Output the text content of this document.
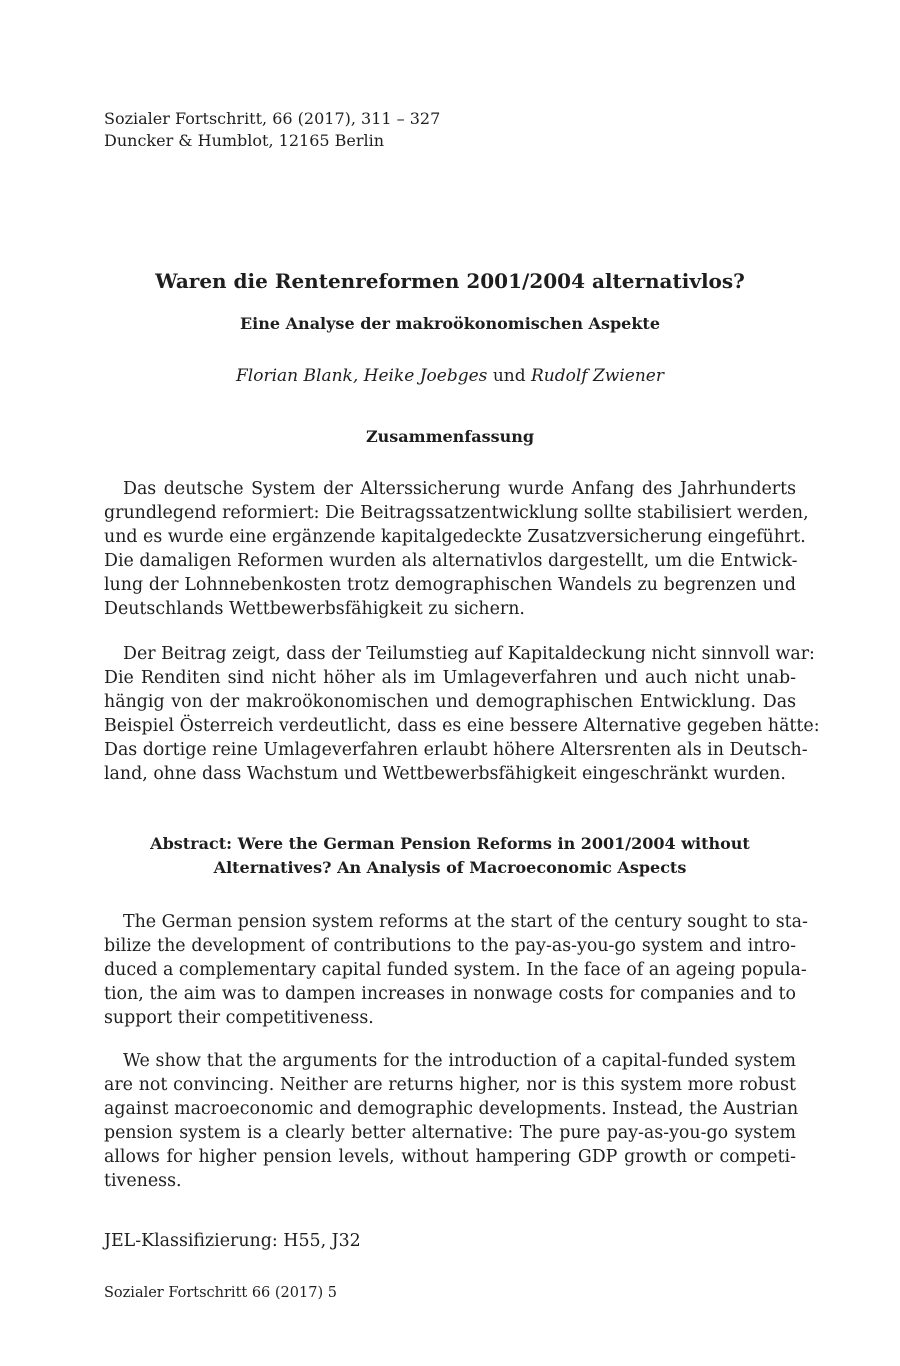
Sozialer Fortschritt, 66 (2017), 311 – 327
Duncker & Humblot, 12165 Berlin
Waren die Rentenreformen 2001/2004 alternativlos?
Eine Analyse der makroökonomischen Aspekte
Florian Blank, Heike Joebges und Rudolf Zwiener
Zusammenfassung
Das deutsche System der Alterssicherung wurde Anfang des Jahrhunderts
grundlegend reformiert: Die Beitragssatzentwicklung sollte stabilisiert werden,
und es wurde eine ergänzende kapitalgedeckte Zusatzversicherung eingeführt.
Die damaligen Reformen wurden als alternativlos dargestellt, um die Entwick-
lung der Lohnnebenkosten trotz demographischen Wandels zu begrenzen und
Deutschlands Wettbewerbsfähigkeit zu sichern.
Der Beitrag zeigt, dass der Teilumstieg auf Kapitaldeckung nicht sinnvoll war:
Die Renditen sind nicht höher als im Umlageverfahren und auch nicht unab-
hängig von der makroökonomischen und demographischen Entwicklung. Das
Beispiel Österreich verdeutlicht, dass es eine bessere Alternative gegeben hätte:
Das dortige reine Umlageverfahren erlaubt höhere Altersrenten als in Deutsch-
land, ohne dass Wachstum und Wettbewerbsfähigkeit eingeschränkt wurden.
Abstract: Were the German Pension Reforms in 2001/2004 without
Alternatives? An Analysis of Macroeconomic Aspects
The German pension system reforms at the start of the century sought to sta-
bilize the development of contributions to the pay-as-you-go system and intro-
duced a complementary capital funded system. In the face of an ageing popula-
tion, the aim was to dampen increases in nonwage costs for companies and to
support their competitiveness.
We show that the arguments for the introduction of a capital-funded system
are not convincing. Neither are returns higher, nor is this system more robust
against macroeconomic and demographic developments. Instead, the Austrian
pension system is a clearly better alternative: The pure pay-as-you-go system
allows for higher pension levels, without hampering GDP growth or competi-
tiveness.
JEL-Klassifizierung: H55, J32
Sozialer Fortschritt 66 (2017) 5
